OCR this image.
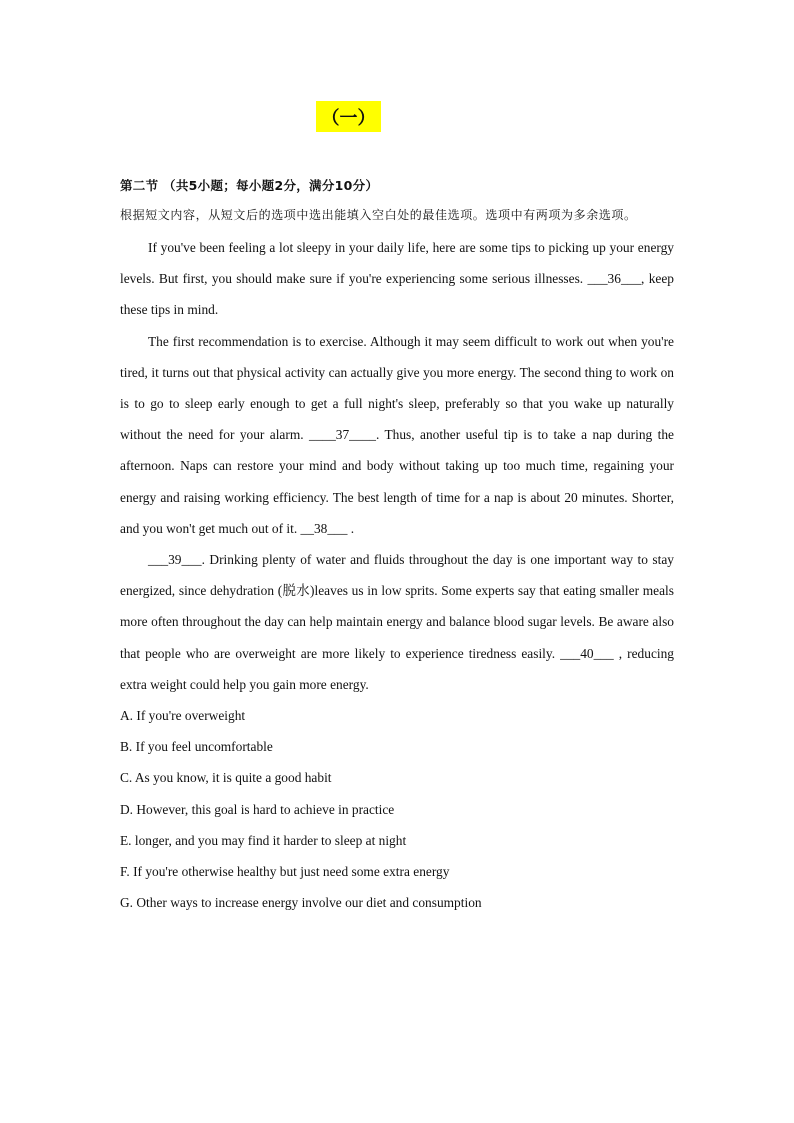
（一）
第二节 （共5小题；每小题2分，满分10分）
根据短文内容，从短文后的选项中选出能填入空白处的最佳选项。选项中有两项为多余选项。

If you've been feeling a lot sleepy in your daily life, here are some tips to picking up your energy levels. But first, you should make sure if you're experiencing some serious illnesses. ___36___, keep these tips in mind.

The first recommendation is to exercise. Although it may seem difficult to work out when you're tired, it turns out that physical activity can actually give you more energy. The second thing to work on is to go to sleep early enough to get a full night's sleep, preferably so that you wake up naturally without the need for your alarm. ____37____. Thus, another useful tip is to take a nap during the afternoon. Naps can restore your mind and body without taking up too much time, regaining your energy and raising working efficiency. The best length of time for a nap is about 20 minutes. Shorter, and you won't get much out of it. __38___ .

___39___. Drinking plenty of water and fluids throughout the day is one important way to stay energized, since dehydration (脱水)leaves us in low sprits. Some experts say that eating smaller meals more often throughout the day can help maintain energy and balance blood sugar levels. Be aware also that people who are overweight are more likely to experience tiredness easily. ___40___ , reducing extra weight could help you gain more energy.

A. If you're overweight
B. If you feel uncomfortable
C. As you know, it is quite a good habit
D. However, this goal is hard to achieve in practice
E. longer, and you may find it harder to sleep at night
F. If you're otherwise healthy but just need some extra energy
G. Other ways to increase energy involve our diet and consumption
